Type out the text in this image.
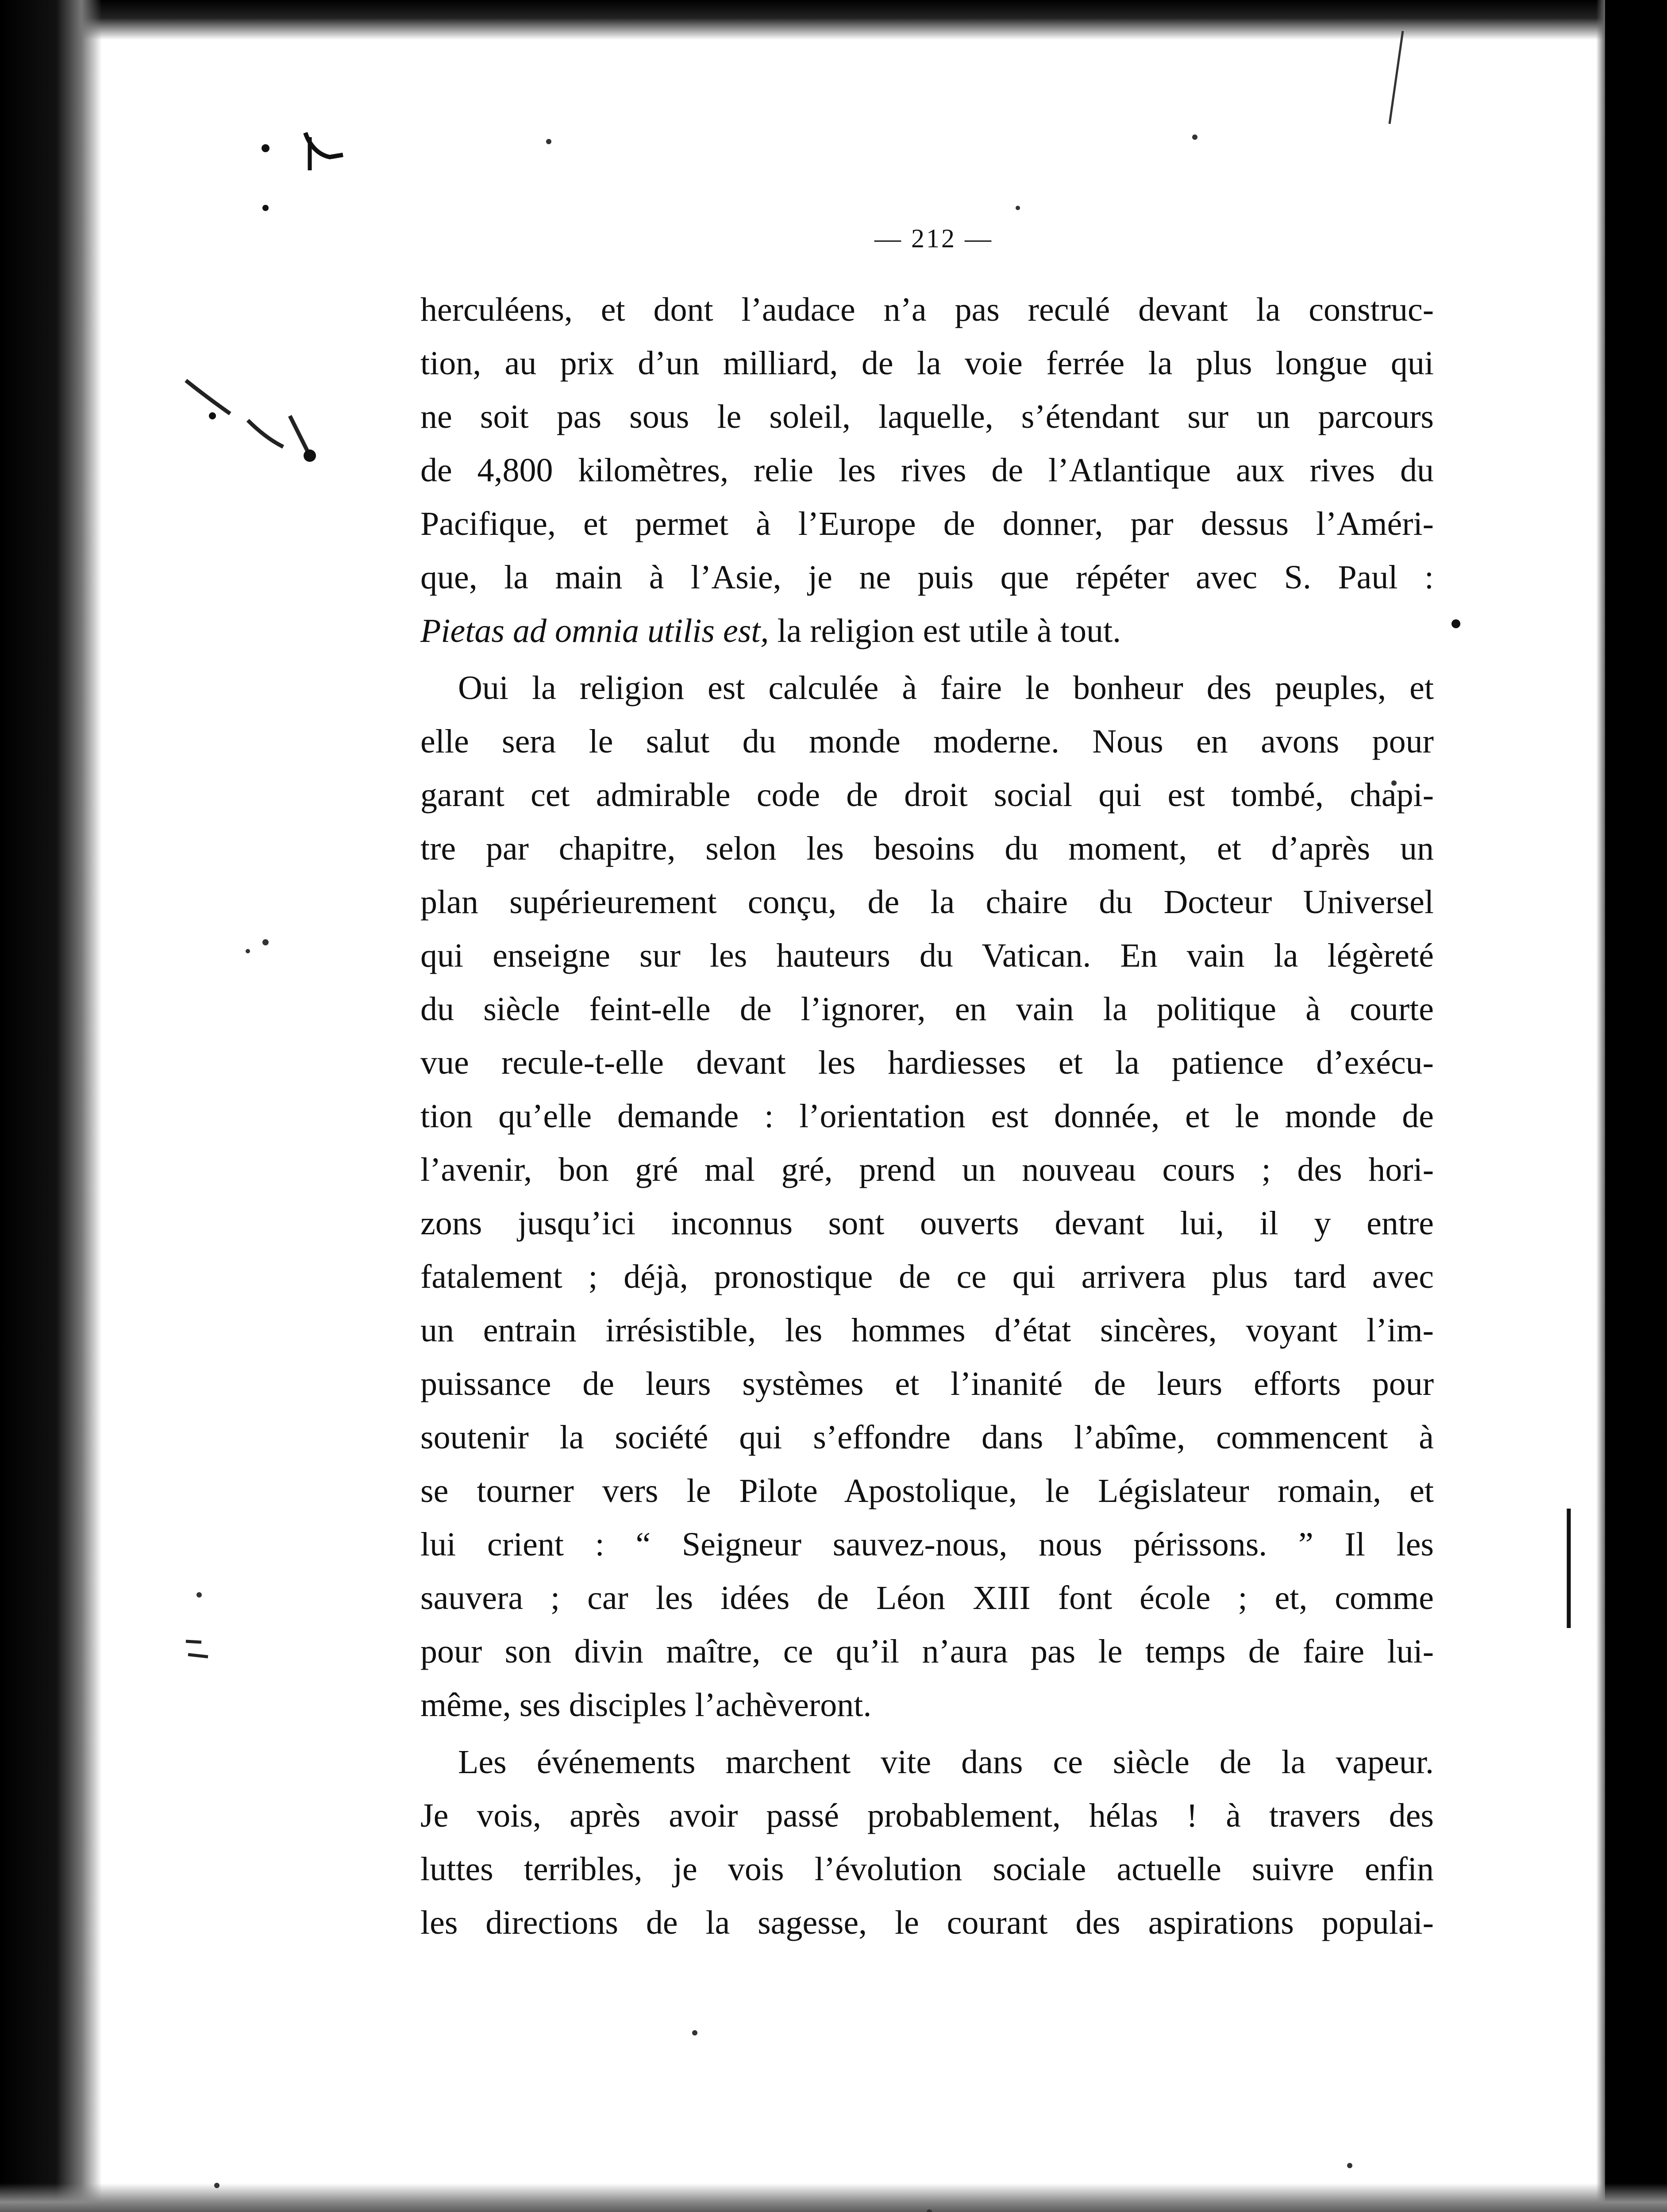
— 212 —
herculéens, et dont l’audace n’a pas reculé devant la construc-
tion, au prix d’un milliard, de la voie ferrée la plus longue qui
ne soit pas sous le soleil, laquelle, s’étendant sur un parcours
de 4,800 kilomètres, relie les rives de l’Atlantique aux rives du
Pacifique, et permet à l’Europe de donner, par dessus l’Améri-
que, la main à l’Asie, je ne puis que répéter avec S. Paul :
Pietas ad omnia utilis est, la religion est utile à tout.
Oui la religion est calculée à faire le bonheur des peuples, et
elle sera le salut du monde moderne. Nous en avons pour
garant cet admirable code de droit social qui est tombé, chapi-
tre par chapitre, selon les besoins du moment, et d’après un
plan supérieurement conçu, de la chaire du Docteur Universel
qui enseigne sur les hauteurs du Vatican. En vain la légèreté
du siècle feint-elle de l’ignorer, en vain la politique à courte
vue recule-t-elle devant les hardiesses et la patience d’exécu-
tion qu’elle demande : l’orientation est donnée, et le monde de
l’avenir, bon gré mal gré, prend un nouveau cours ; des hori-
zons jusqu’ici inconnus sont ouverts devant lui, il y entre
fatalement ; déjà, pronostique de ce qui arrivera plus tard avec
un entrain irrésistible, les hommes d’état sincères, voyant l’im-
puissance de leurs systèmes et l’inanité de leurs efforts pour
soutenir la société qui s’effondre dans l’abîme, commencent à
se tourner vers le Pilote Apostolique, le Législateur romain, et
lui crient : “ Seigneur sauvez-nous, nous périssons. ” Il les
sauvera ; car les idées de Léon XIII font école ; et, comme
pour son divin maître, ce qu’il n’aura pas le temps de faire lui-
même, ses disciples l’achèveront.
Les événements marchent vite dans ce siècle de la vapeur.
Je vois, après avoir passé probablement, hélas ! à travers des
luttes terribles, je vois l’évolution sociale actuelle suivre enfin
les directions de la sagesse, le courant des aspirations populai-
